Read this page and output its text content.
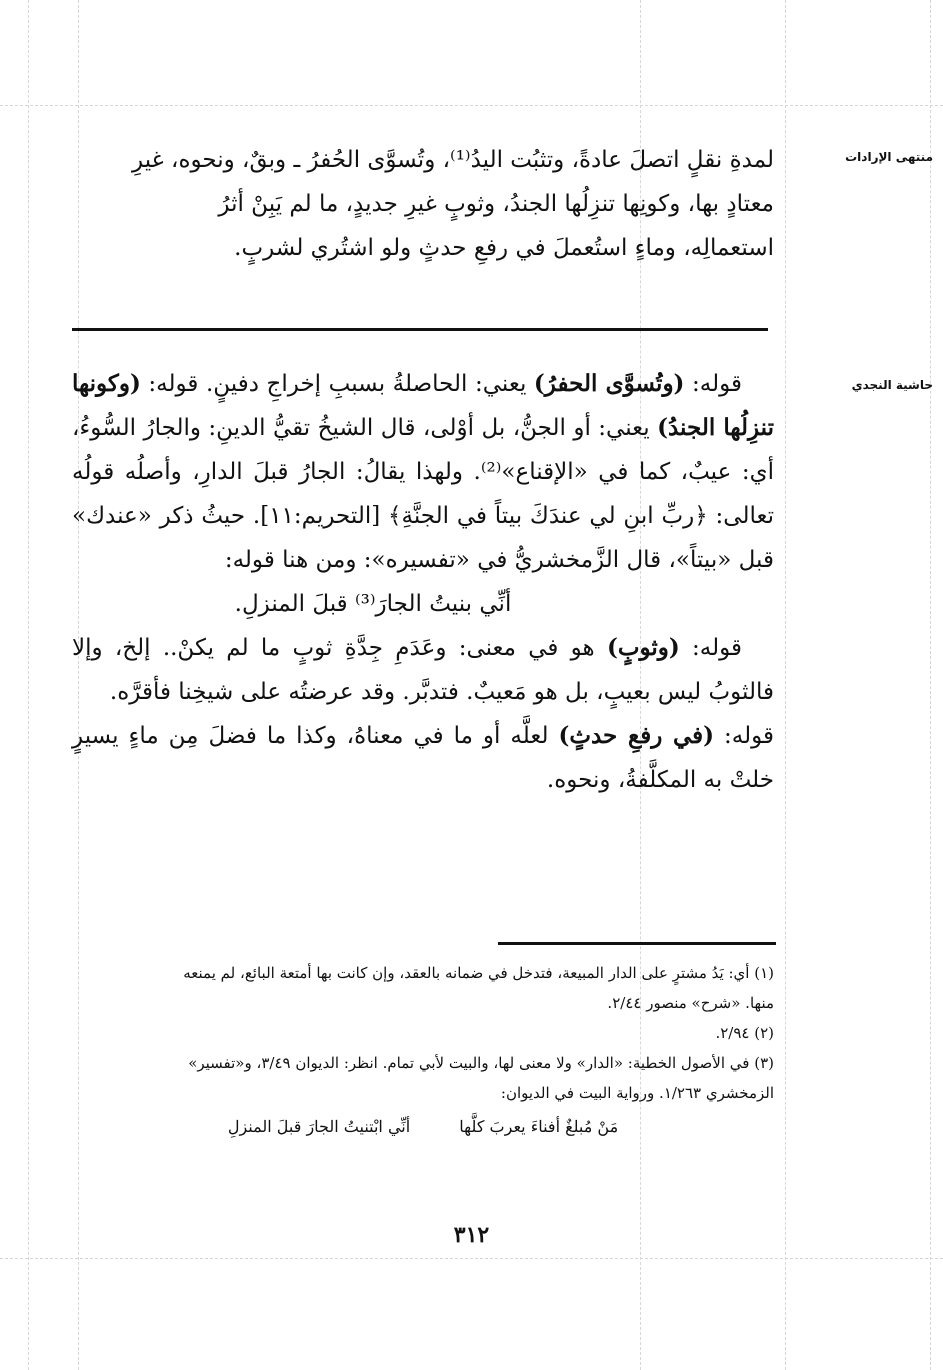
منتهى الإرادات
حاشية النجدي

لمدةِ نقلٍ اتصلَ عادةً، وتثبُت اليدُ⁽¹⁾، وتُسوَّى الحُفرُ ـ وبقٌ، ونحوه، غيرِ

معتادٍ بها، وكونِها تنزِلُها الجندُ، وثوبٍ غيرِ جديدٍ، ما لم يَبِنْ أثرُ

استعمالِه، وماءٍ استُعملَ في رفعِ حدثٍ ولو اشتُري لشربٍ.

قوله: (وتُسوَّى الحفرُ) يعني: الحاصلةُ بسببِ إخراجِ دفينٍ. قوله: (وكونها تنزِلُها الجندُ) يعني: أو الجنُّ، بل أوْلى، قال الشيخُ تقيُّ الدينِ: والجارُ السُّوءُ، أي: عيبٌ، كما في «الإقناع»⁽²⁾. ولهذا يقالُ: الجارُ قبلَ الدارِ، وأصلُه قولُه تعالى: ﴿ربِّ ابنِ لي عندَكَ بيتاً في الجنَّةِ﴾ [التحريم:١١]. حيثُ ذكر «عندك» قبل «بيتاً»، قال الزَّمخشريُّ في «تفسيره»: ومن هنا قوله:

أنِّي بنيتُ الجارَ⁽³⁾ قبلَ المنزلِ.

قوله: (وثوبٍ) هو في معنى: وعَدَمِ جِدَّةِ ثوبٍ ما لم يكنْ.. إلخ، وإلا فالثوبُ ليس بعيبٍ، بل هو مَعيبٌ. فتدبَّر. وقد عرضتُه على شيخِنا فأقرَّه.

قوله: (في رفعِ حدثٍ) لعلَّه أو ما في معناهُ، وكذا ما فضلَ مِن ماءٍ يسيرٍ خلتْ به المكلَّفةُ، ونحوه.

(١) أي: يَدُ مشترٍ على الدار المبيعة، فتدخل في ضمانه بالعقد، وإن كانت بها أمتعة البائع، لم يمنعه

منها. «شرح» منصور ٢/٤٤.

(٢) ٢/٩٤.

(٣) في الأصول الخطية: «الدار» ولا معنى لها، والبيت لأبي تمام. انظر: الديوان ٣/٤٩، و«تفسير»

الزمخشري ١/٢٦٣. ورواية البيت في الديوان:

مَنْ مُبلغٌ أفناءَ يعربَ كلَّها أنِّي ابْتنيتُ الجارَ قبلَ المنزلِ

٣١٢
